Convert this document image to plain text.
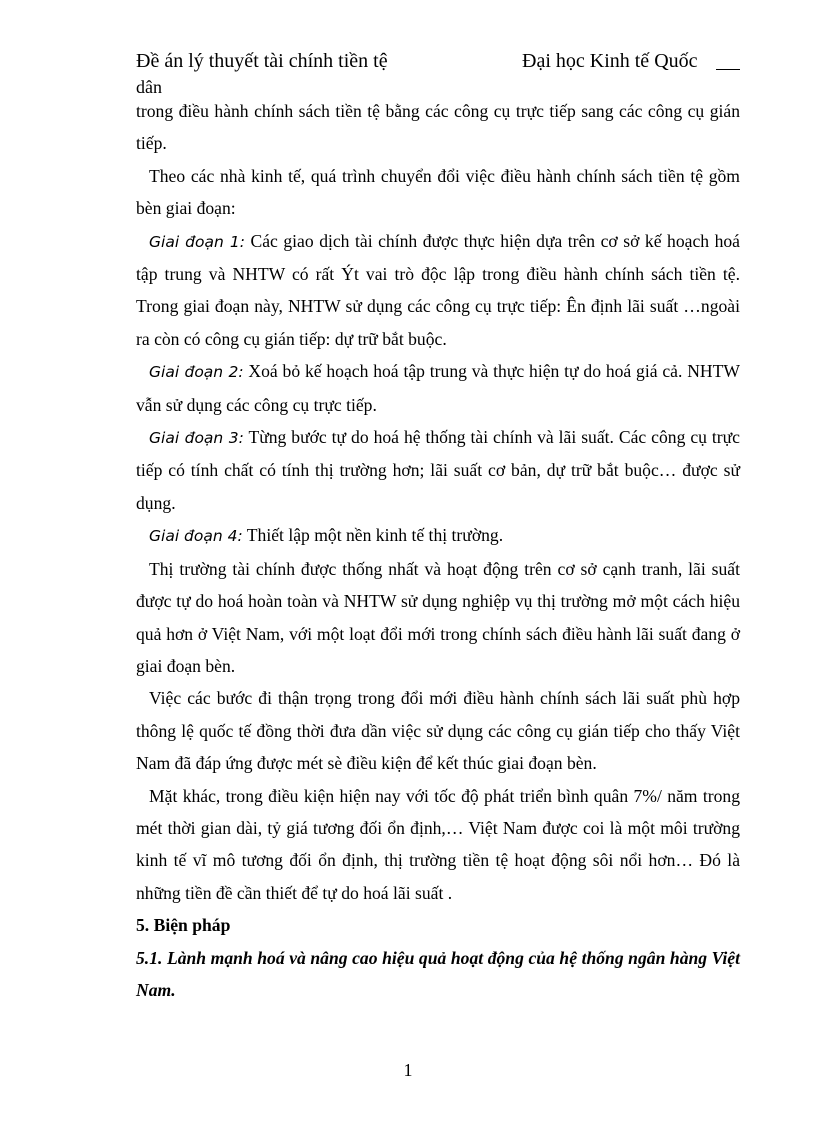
Đề án lý thuyết tài chính tiền tệ	Đại học Kinh tế Quốc
dân

trong điều hành chính sách tiền tệ bằng các công cụ trực tiếp sang các công cụ gián tiếp.

Theo các nhà kinh tế, quá trình chuyển đổi việc điều hành chính sách tiền tệ gồm bèn giai đoạn:

Giai đoạn 1: Các giao dịch tài chính được thực hiện dựa trên cơ sở kế hoạch hoá tập trung và NHTW có rất Ýt vai trò độc lập trong điều hành chính sách tiền tệ. Trong giai đoạn này, NHTW sử dụng các công cụ trực tiếp: Ên định lãi suất …ngoài ra còn có công cụ gián tiếp: dự trữ bắt buộc.

Giai đoạn 2: Xoá bỏ kế hoạch hoá tập trung và thực hiện tự do hoá giá cả. NHTW vẫn sử dụng các công cụ trực tiếp.

Giai đoạn 3: Từng bước tự do hoá hệ thống tài chính và lãi suất. Các công cụ trực tiếp có tính chất có tính thị trường hơn; lãi suất cơ bản, dự trữ bắt buộc… được sử dụng.

Giai đoạn 4: Thiết lập một nền kinh tế thị trường.

Thị trường tài chính được thống nhất và hoạt động trên cơ sở cạnh tranh, lãi suất được tự do hoá hoàn toàn và NHTW sử dụng nghiệp vụ thị trường mở một cách hiệu quả hơn ở Việt Nam, với một loạt đổi mới trong chính sách điều hành lãi suất đang ở giai đoạn bèn.

Việc các bước đi thận trọng trong đổi mới điều hành chính sách lãi suất phù hợp thông lệ quốc tế đồng thời đưa dần việc sử dụng các công cụ gián tiếp cho thấy Việt Nam đã đáp ứng được mét sè điều kiện để kết thúc giai đoạn bèn.

Mặt khác, trong điều kiện hiện nay với tốc độ phát triển bình quân 7%/ năm trong mét thời gian dài, tỷ giá tương đối ổn định,… Việt Nam được coi là một môi trường kinh tế vĩ mô tương đối ổn định, thị trường tiền tệ hoạt động sôi nổi hơn… Đó là những tiền đề cần thiết để tự do hoá lãi suất .

5. Biện pháp

5.1. Lành mạnh hoá và nâng cao hiệu quả hoạt động của hệ thống ngân hàng Việt Nam.

1
